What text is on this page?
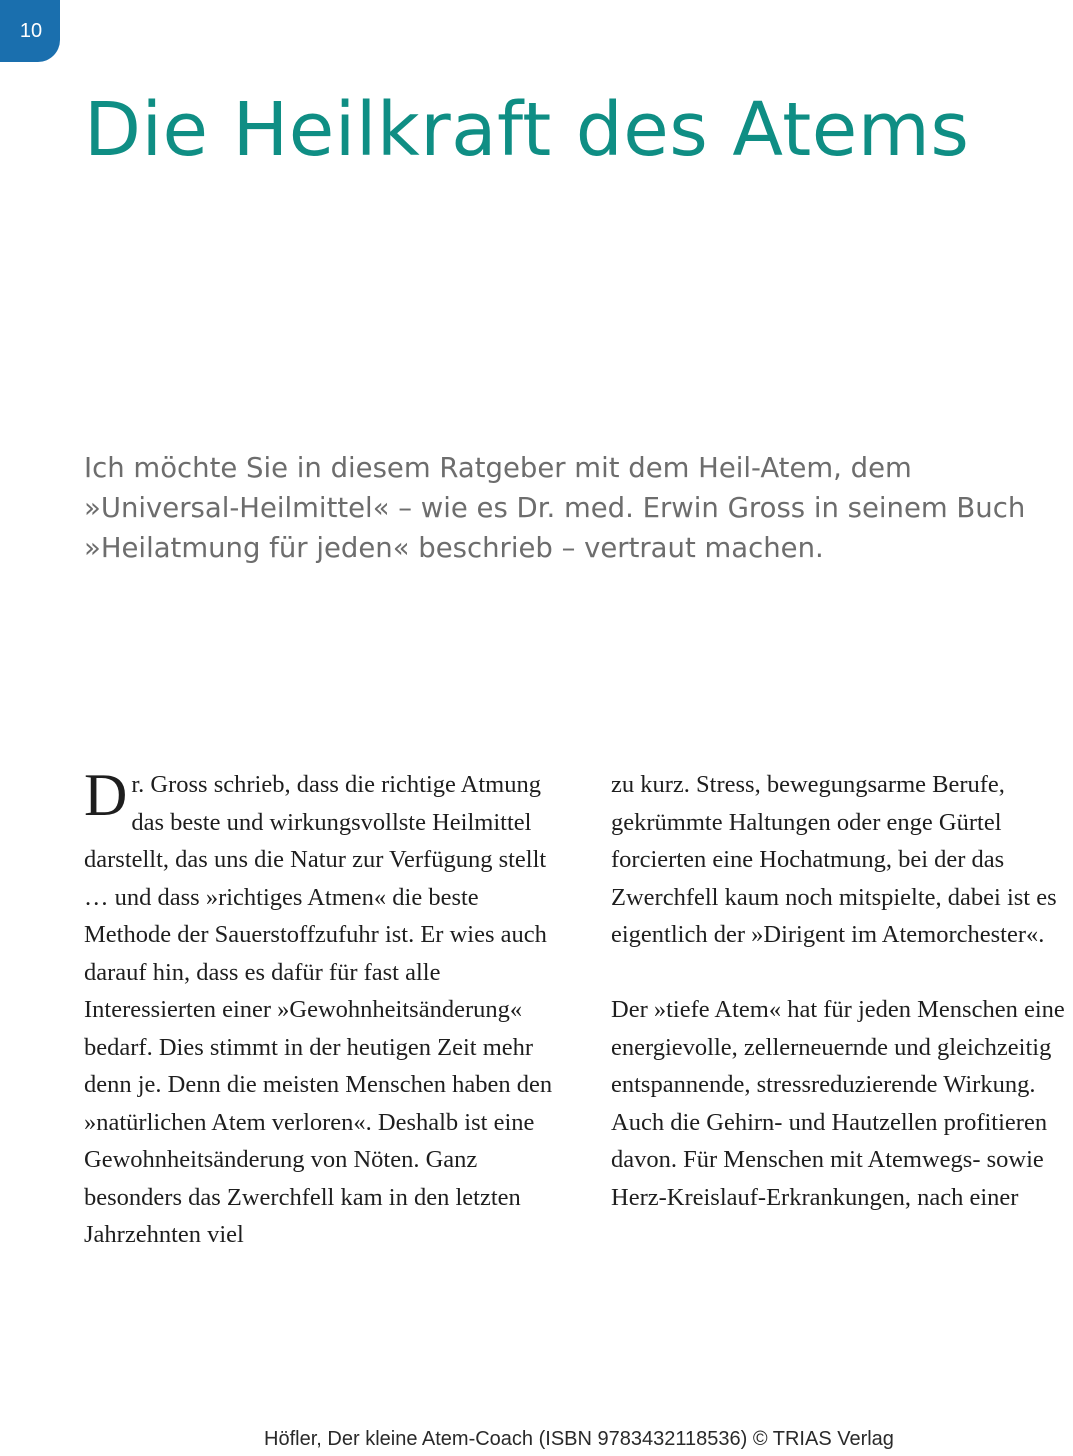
10
Die Heilkraft des Atems

Ich möchte Sie in diesem Ratgeber mit dem Heil-Atem, dem »Universal-Heilmittel« – wie es Dr. med. Erwin Gross in seinem Buch »Heilatmung für jeden« beschrieb – vertraut machen.

Dr. Gross schrieb, dass die richtige Atmung das beste und wirkungsvollste Heilmittel darstellt, das uns die Natur zur Verfügung stellt … und dass »richtiges Atmen« die beste Methode der Sauerstoffzufuhr ist. Er wies auch darauf hin, dass es dafür für fast alle Interessierten einer »Gewohnheitsänderung« bedarf. Dies stimmt in der heutigen Zeit mehr denn je. Denn die meisten Menschen haben den »natürlichen Atem verloren«. Deshalb ist eine Gewohnheitsänderung von Nöten. Ganz besonders das Zwerchfell kam in den letzten Jahrzehnten viel

zu kurz. Stress, bewegungsarme Berufe, gekrümmte Haltungen oder enge Gürtel forcierten eine Hochatmung, bei der das Zwerchfell kaum noch mitspielte, dabei ist es eigentlich der »Dirigent im Atemorchester«.

Der »tiefe Atem« hat für jeden Menschen eine energievolle, zellerneuernde und gleichzeitig entspannende, stressreduzierende Wirkung. Auch die Gehirn- und Hautzellen profitieren davon. Für Menschen mit Atemwegs- sowie Herz-Kreislauf-Erkrankungen, nach einer

Höfler, Der kleine Atem-Coach (ISBN 9783432118536) © TRIAS Verlag
